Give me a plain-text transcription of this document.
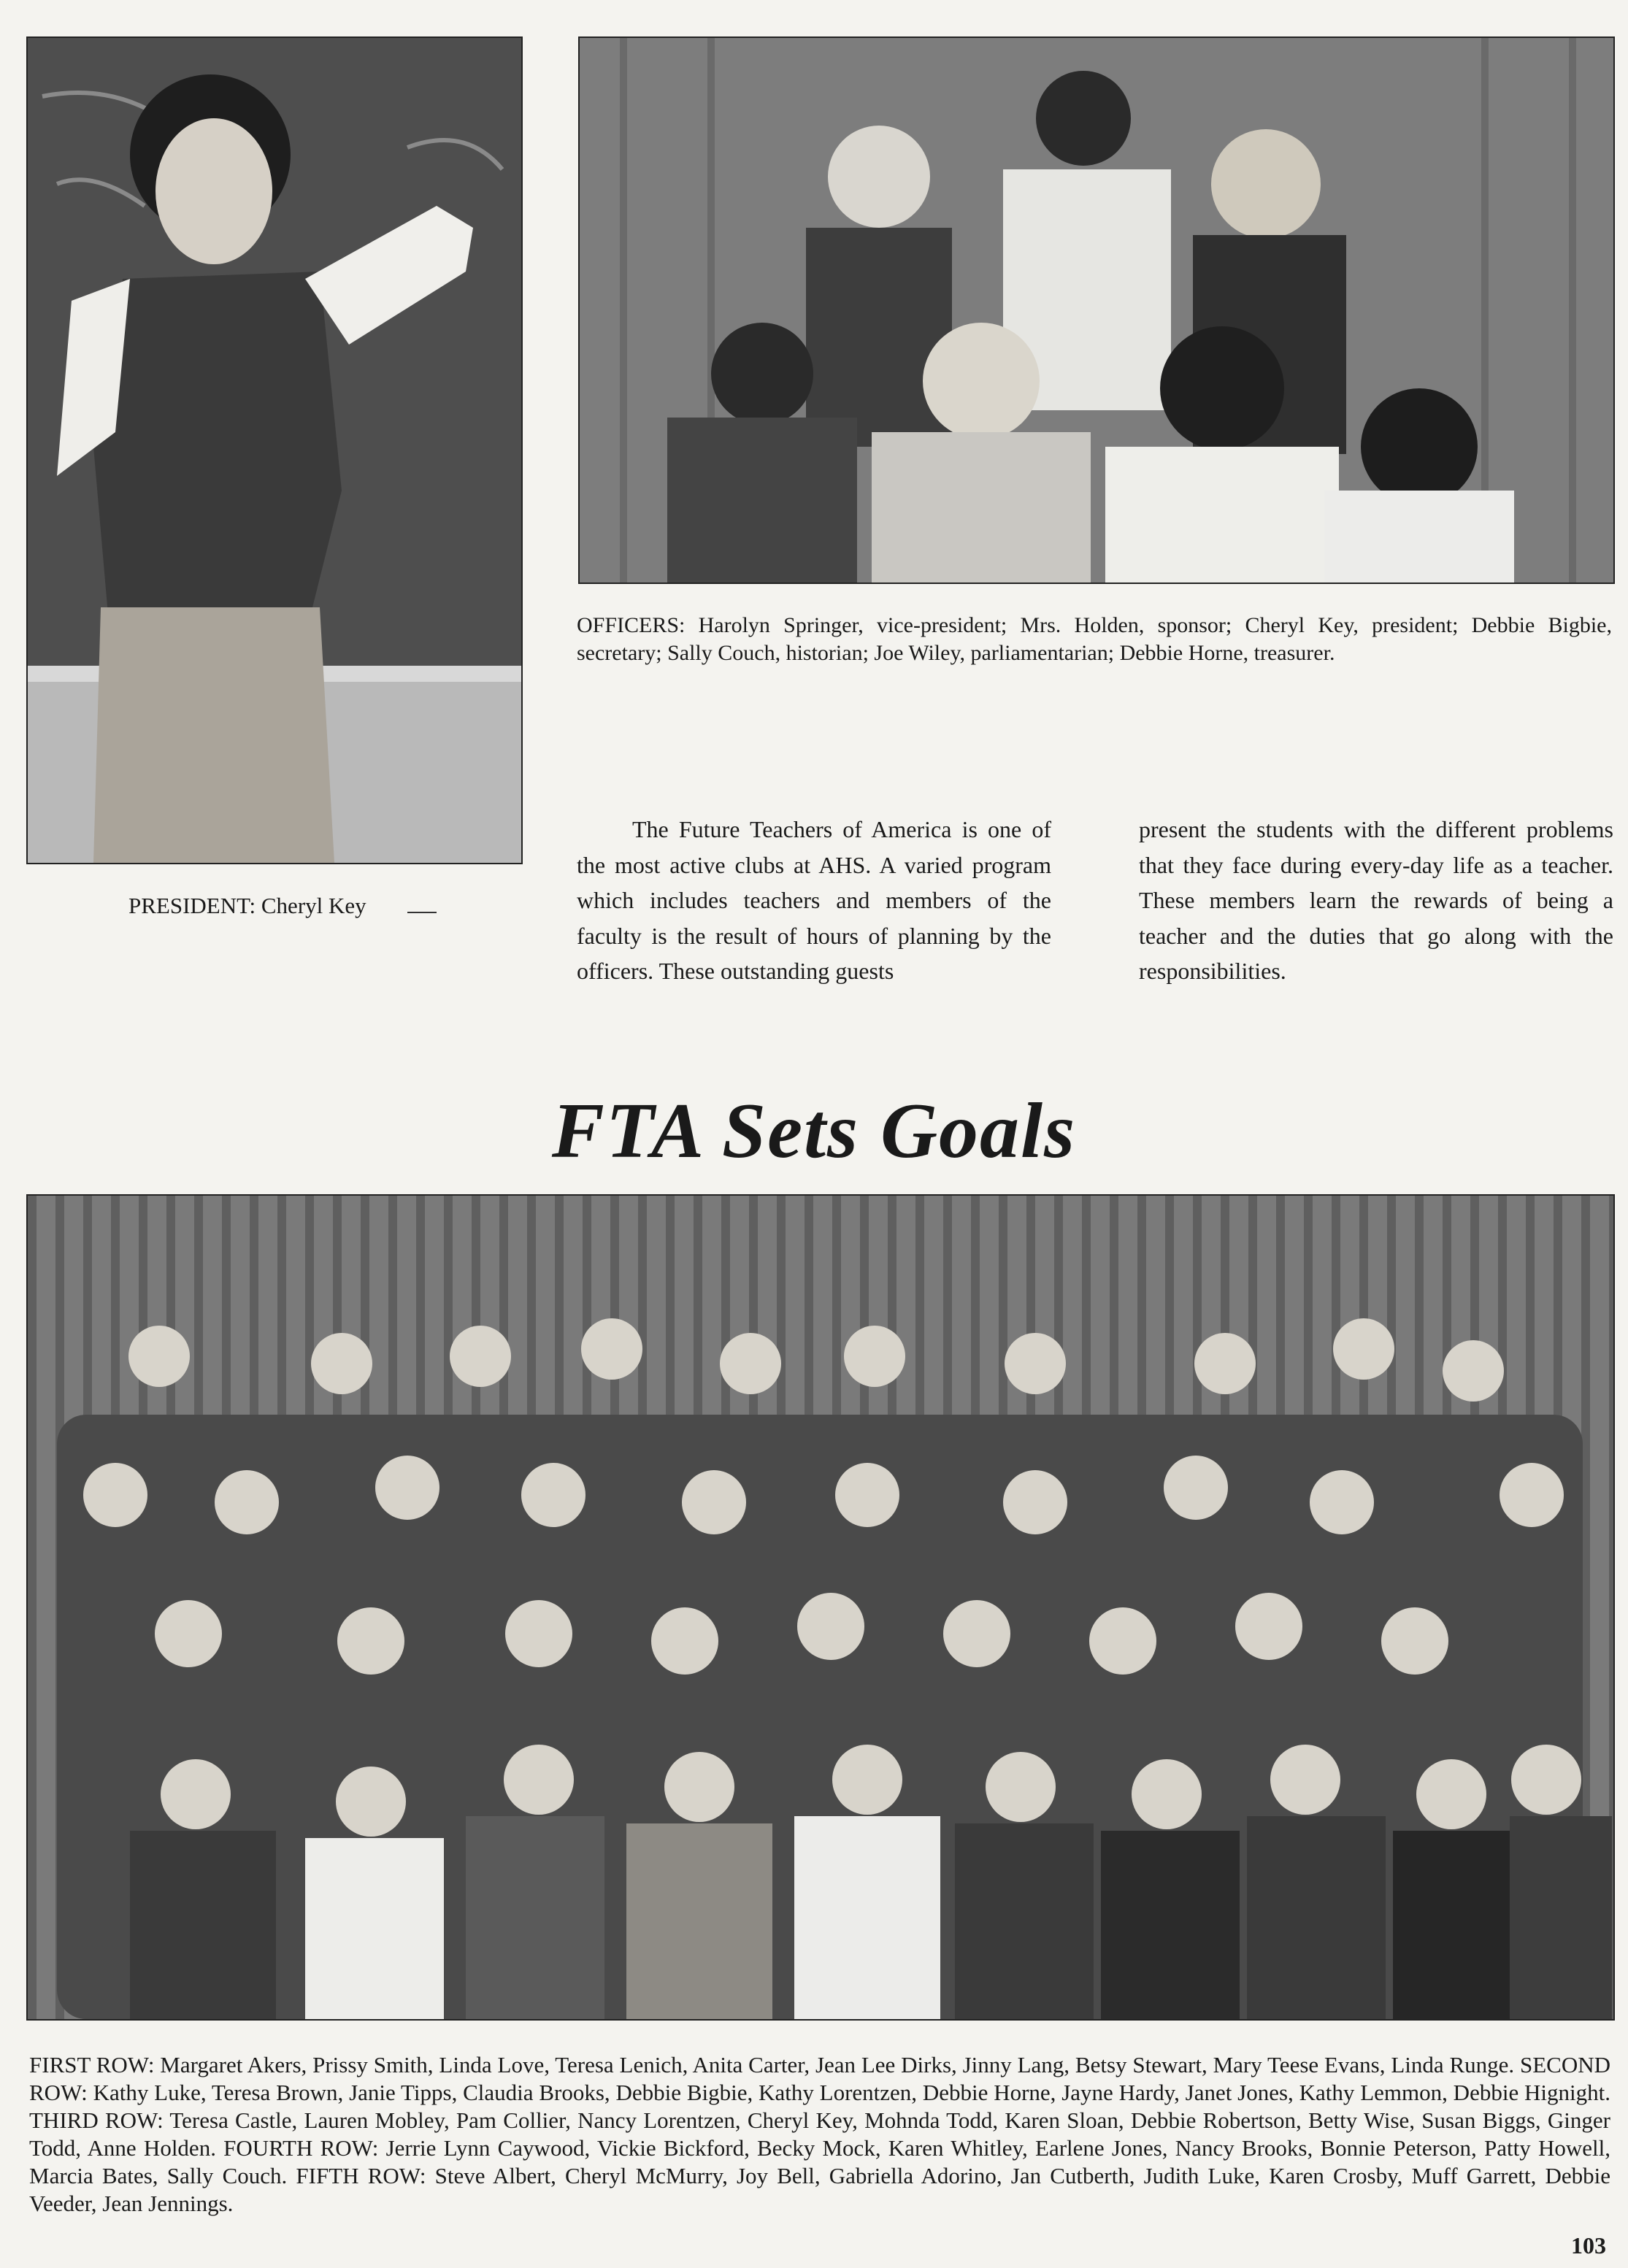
PRESIDENT: Cheryl Key
OFFICERS: Harolyn Springer, vice-president; Mrs. Holden, sponsor; Cheryl Key, president; Debbie Bigbie, secretary; Sally Couch, historian; Joe Wiley, parliamentarian; Debbie Horne, treasurer.
The Future Teachers of America is one of the most active clubs at AHS. A varied program which includes teachers and members of the faculty is the result of hours of planning by the officers. These outstanding guests
present the students with the different problems that they face during every-day life as a teacher. These members learn the rewards of being a teacher and the duties that go along with the responsibilities.
FTA Sets Goals
FIRST ROW: Margaret Akers, Prissy Smith, Linda Love, Teresa Lenich, Anita Carter, Jean Lee Dirks, Jinny Lang, Betsy Stewart, Mary Teese Evans, Linda Runge. SECOND ROW: Kathy Luke, Teresa Brown, Janie Tipps, Claudia Brooks, Debbie Bigbie, Kathy Lorentzen, Debbie Horne, Jayne Hardy, Janet Jones, Kathy Lemmon, Debbie Hignight. THIRD ROW: Teresa Castle, Lauren Mobley, Pam Collier, Nancy Lorentzen, Cheryl Key, Mohnda Todd, Karen Sloan, Debbie Robertson, Betty Wise, Susan Biggs, Ginger Todd, Anne Holden. FOURTH ROW: Jerrie Lynn Caywood, Vickie Bickford, Becky Mock, Karen Whitley, Earlene Jones, Nancy Brooks, Bonnie Peterson, Patty Howell, Marcia Bates, Sally Couch. FIFTH ROW: Steve Albert, Cheryl McMurry, Joy Bell, Gabriella Adorino, Jan Cutberth, Judith Luke, Karen Crosby, Muff Garrett, Debbie Veeder, Jean Jennings.
103
